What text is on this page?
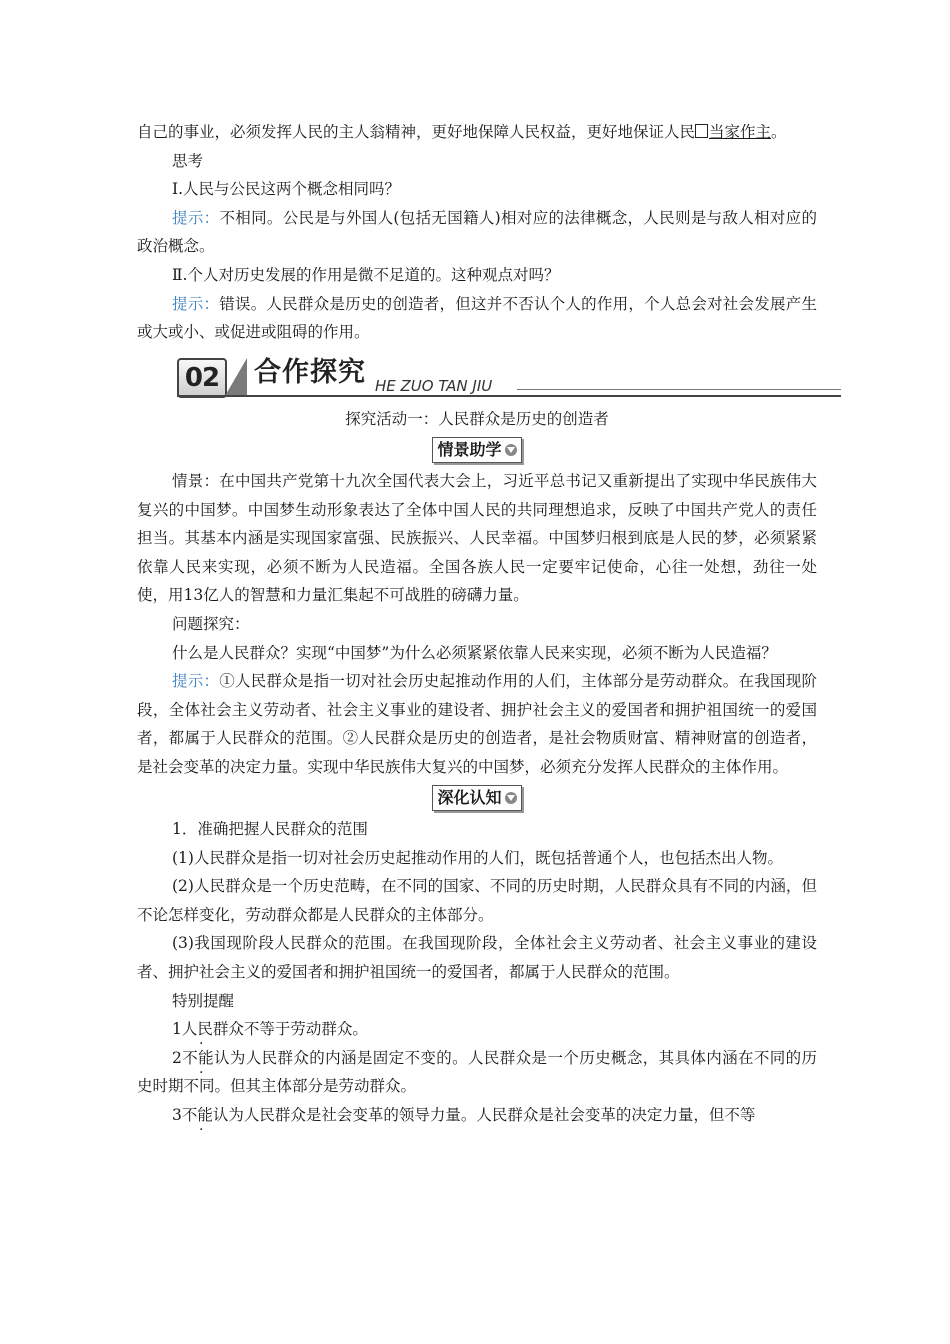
自己的事业，必须发挥人民的主人翁精神，更好地保障人民权益，更好地保证人民 当家作主。

思考

Ⅰ.人民与公民这两个概念相同吗？

提示：不相同。公民是与外国人(包括无国籍人)相对应的法律概念，人民则是与敌人相对应的政治概念。

Ⅱ.个人对历史发展的作用是微不足道的。这种观点对吗？

提示：错误。人民群众是历史的创造者，但这并不否认个人的作用，个人总会对社会发展产生或大或小、或促进或阻碍的作用。

02 合作探究 HE ZUO TAN JIU

探究活动一：人民群众是历史的创造者

情景助学

情景：在中国共产党第十九次全国代表大会上，习近平总书记又重新提出了实现中华民族伟大复兴的中国梦。中国梦生动形象表达了全体中国人民的共同理想追求，反映了中国共产党人的责任担当。其基本内涵是实现国家富强、民族振兴、人民幸福。中国梦归根到底是人民的梦，必须紧紧依靠人民来实现，必须不断为人民造福。全国各族人民一定要牢记使命，心往一处想，劲往一处使，用13亿人的智慧和力量汇集起不可战胜的磅礴力量。

问题探究：

什么是人民群众？实现“中国梦”为什么必须紧紧依靠人民来实现，必须不断为人民造福？

提示：①人民群众是指一切对社会历史起推动作用的人们，主体部分是劳动群众。在我国现阶段，全体社会主义劳动者、社会主义事业的建设者、拥护社会主义的爱国者和拥护祖国统一的爱国者，都属于人民群众的范围。②人民群众是历史的创造者，是社会物质财富、精神财富的创造者，是社会变革的决定力量。实现中华民族伟大复兴的中国梦，必须充分发挥人民群众的主体作用。

深化认知

1．准确把握人民群众的范围

(1)人民群众是指一切对社会历史起推动作用的人们，既包括普通个人，也包括杰出人物。

(2)人民群众是一个历史范畴，在不同的国家、不同的历史时期，人民群众具有不同的内涵，但不论怎样变化，劳动群众都是人民群众的主体部分。

(3)我国现阶段人民群众的范围。在我国现阶段，全体社会主义劳动者、社会主义事业的建设者、拥护社会主义的爱国者和拥护祖国统一的爱国者，都属于人民群众的范围。

特别提醒

. 1人民群众不等于劳动群众。

. 2不能认为人民群众的内涵是固定不变的。人民群众是一个历史概念，其具体内涵在不同的历史时期不同。但其主体部分是劳动群众。

. 3不能认为人民群众是社会变革的领导力量。人民群众是社会变革的决定力量，但不等
